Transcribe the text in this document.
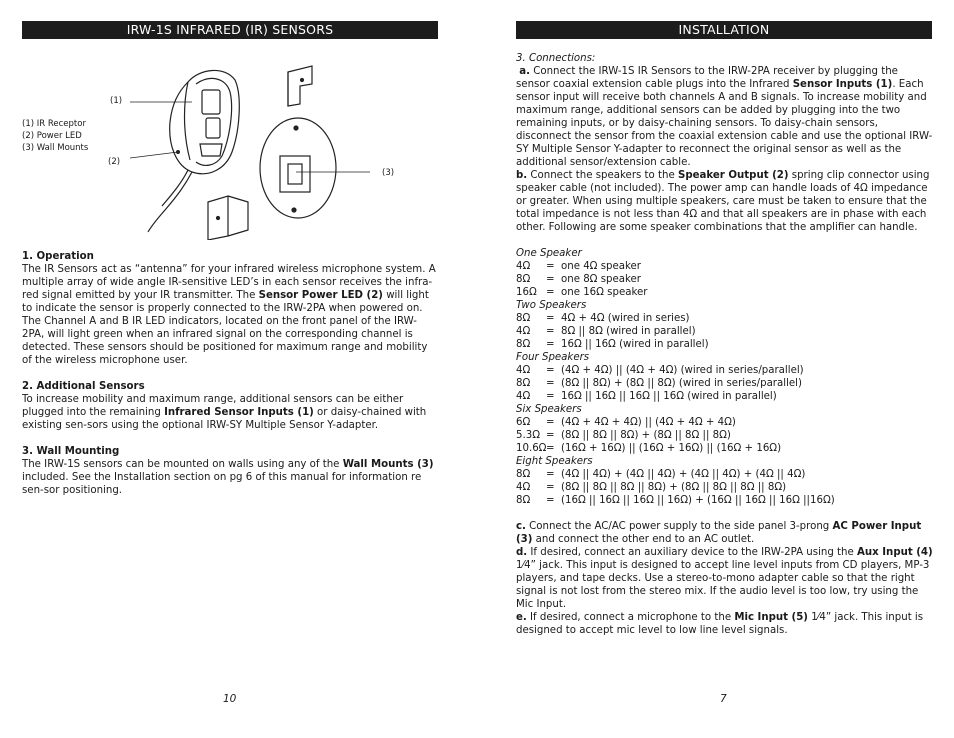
IRW-1S INFRARED (IR) SENSORS
(1)
(2)
(3)
(1) IR Receptor
(2) Power LED
(3) Wall Mounts

1. Operation

The IR Sensors act as “antenna” for your infrared wireless microphone system. A multiple array of wide angle IR-sensitive LED’s in each sensor receives the infra-red signal emitted by your IR transmitter. The Sensor Power LED (2) will light to indicate the sensor is properly connected to the IRW-2PA when powered on. The Channel A and B IR LED indicators, located on the front panel of the IRW-2PA, will light green when an infrared signal on the corresponding channel is detected. These sensors should be positioned for maximum range and mobility of the wireless microphone user.

2. Additional Sensors

To increase mobility and maximum range, additional sensors can be either plugged into the remaining Infrared Sensor Inputs (1) or daisy-chained with existing sen-sors using the optional IRW-SY Multiple Sensor Y-adapter.

3. Wall Mounting

The IRW-1S sensors can be mounted on walls using any of the Wall Mounts (3) included. See the Installation section on pg 6 of this manual for information re sen-sor positioning.

10
INSTALLATION

3. Connections:

a. Connect the IRW-1S IR Sensors to the IRW-2PA receiver by plugging the sensor coaxial extension cable plugs into the Infrared Sensor Inputs (1). Each sensor input will receive both channels A and B signals. To increase mobility and maximum range, additional sensors can be added by plugging into the two remaining inputs, or by daisy-chaining sensors. To daisy-chain sensors, disconnect the sensor from the coaxial extension cable and use the optional IRW-SY Multiple Sensor Y-adapter to reconnect the original sensor as well as the additional sensor/extension cable.

b. Connect the speakers to the Speaker Output (2) spring clip connector using speaker cable (not included). The power amp can handle loads of 4Ω impedance or greater. When using multiple speakers, care must be taken to ensure that the total impedance is not less than 4Ω and that all speakers are in phase with each other. Following are some speaker combinations that the amplifier can handle.

One Speaker

4Ω = one 4Ω speaker

8Ω = one 8Ω speaker

16Ω =one 16Ω speaker

Two Speakers

8Ω = 4Ω + 4Ω (wired in series)

4Ω = 8Ω || 8Ω (wired in parallel)

8Ω = 16Ω || 16Ω (wired in parallel)

Four Speakers

4Ω = (4Ω + 4Ω) || (4Ω + 4Ω) (wired in series/parallel)

8Ω = (8Ω || 8Ω) + (8Ω || 8Ω) (wired in series/parallel)

4Ω = 16Ω || 16Ω || 16Ω || 16Ω (wired in parallel)

Six Speakers

6Ω = (4Ω + 4Ω + 4Ω) || (4Ω + 4Ω + 4Ω)

5.3Ω =(8Ω || 8Ω || 8Ω) + (8Ω || 8Ω || 8Ω)

10.6Ω=(16Ω + 16Ω) || (16Ω + 16Ω) || (16Ω + 16Ω)

Eight Speakers

8Ω = (4Ω || 4Ω) + (4Ω || 4Ω) + (4Ω || 4Ω) + (4Ω || 4Ω)

4Ω = (8Ω || 8Ω || 8Ω || 8Ω) + (8Ω || 8Ω || 8Ω || 8Ω)

8Ω = (16Ω || 16Ω || 16Ω || 16Ω) + (16Ω || 16Ω || 16Ω ||16Ω)

c. Connect the AC/AC power supply to the side panel 3-prong AC Power Input (3) and connect the other end to an AC outlet.

d. If desired, connect an auxiliary device to the IRW-2PA using the Aux Input (4) 1⁄4” jack. This input is designed to accept line level inputs from CD players, MP-3 players, and tape decks. Use a stereo-to-mono adapter cable so that the right signal is not lost from the stereo mix. If the audio level is too low, try using the Mic Input.

e. If desired, connect a microphone to the Mic Input (5) 1⁄4” jack. This input is designed to accept mic level to low line level signals.

7
